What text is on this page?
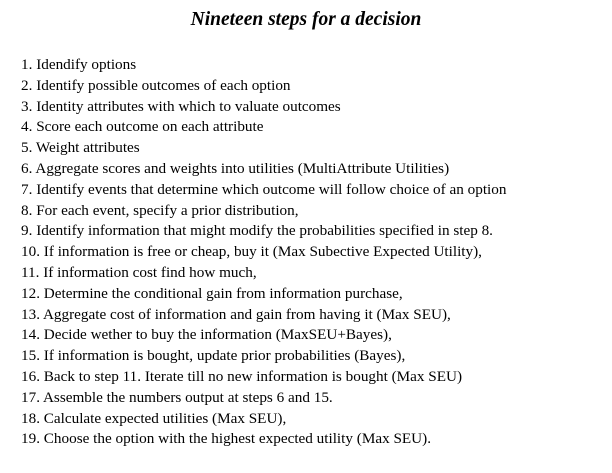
Nineteen steps for a decision
1. Idendify options
2. Identify possible outcomes of each option
3. Identity attributes with which to valuate outcomes
4. Score each outcome on each attribute
5. Weight attributes
6. Aggregate scores and weights into utilities (MultiAttribute Utilities)
7. Identify events that determine which outcome will follow choice of an option
8. For each event, specify a prior distribution,
9. Identify information that might modify the probabilities specified in step 8.
10. If information is free or cheap, buy it (Max Subective Expected Utility),
11. If information cost find how much,
12. Determine the conditional gain from information purchase,
13. Aggregate cost of information and gain from having it (Max SEU),
14. Decide wether to buy the information (MaxSEU+Bayes),
15. If information is bought, update prior probabilities (Bayes),
16. Back to step 11. Iterate till no new information is bought (Max SEU)
17. Assemble the numbers output at steps 6 and 15.
18. Calculate expected utilities (Max SEU),
19. Choose the option with the highest expected utility (Max SEU).
